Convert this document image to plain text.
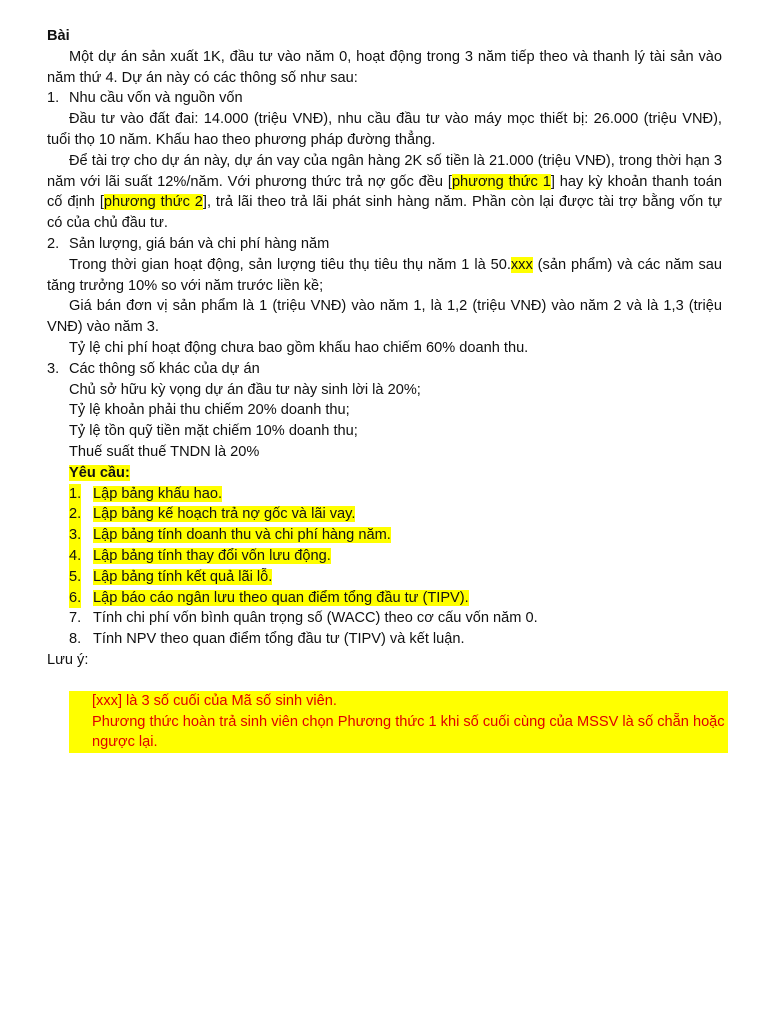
Bài

Một dự án sản xuất 1K, đầu tư vào năm 0, hoạt động trong 3 năm tiếp theo và thanh lý tài sản vào năm thứ 4. Dự án này có các thông số như sau:

1. Nhu cầu vốn và nguồn vốn

Đầu tư vào đất đai: 14.000 (triệu VNĐ), nhu cầu đầu tư vào máy mọc thiết bị: 26.000 (triệu VNĐ), tuổi thọ 10 năm. Khấu hao theo phương pháp đường thẳng.

Để tài trợ cho dự án này, dự án vay của ngân hàng 2K số tiền là 21.000 (triệu VNĐ), trong thời hạn 3 năm với lãi suất 12%/năm. Với phương thức trả nợ gốc đều [phương thức 1] hay kỳ khoản thanh toán cố định [phương thức 2], trả lãi theo trả lãi phát sinh hàng năm. Phần còn lại được tài trợ bằng vốn tự có của chủ đầu tư.

2. Sản lượng, giá bán và chi phí hàng năm

Trong thời gian hoạt động, sản lượng tiêu thụ tiêu thụ năm 1 là 50.xxx (sản phẩm) và các năm sau tăng trưởng 10% so với năm trước liền kề;

Giá bán đơn vị sản phẩm là 1 (triệu VNĐ) vào năm 1, là 1,2 (triệu VNĐ) vào năm 2 và là 1,3 (triệu VNĐ) vào năm 3.

Tỷ lệ chi phí hoạt động chưa bao gồm khấu hao chiếm 60% doanh thu.

3. Các thông số khác của dự án

Chủ sở hữu kỳ vọng dự án đầu tư này sinh lời là 20%;

Tỷ lệ khoản phải thu chiếm 20% doanh thu;

Tỷ lệ tồn quỹ tiền mặt chiếm 10% doanh thu;

Thuế suất thuế TNDN là 20%

Yêu cầu:
1. Lập bảng khấu hao.
2. Lập bảng kế hoạch trả nợ gốc và lãi vay.
3. Lập bảng tính doanh thu và chi phí hàng năm.
4. Lập bảng tính thay đổi vốn lưu động.
5. Lập bảng tính kết quả lãi lỗ.
6. Lập báo cáo ngân lưu theo quan điểm tổng đầu tư (TIPV).
7. Tính chi phí vốn bình quân trọng số (WACC) theo cơ cấu vốn năm 0.
8. Tính NPV theo quan điểm tổng đầu tư (TIPV) và kết luận.

Lưu ý:

[xxx] là 3 số cuối của Mã số sinh viên.

Phương thức hoàn trả sinh viên chọn Phương thức 1 khi số cuối cùng của MSSV là số chẵn hoặc ngược lại.
